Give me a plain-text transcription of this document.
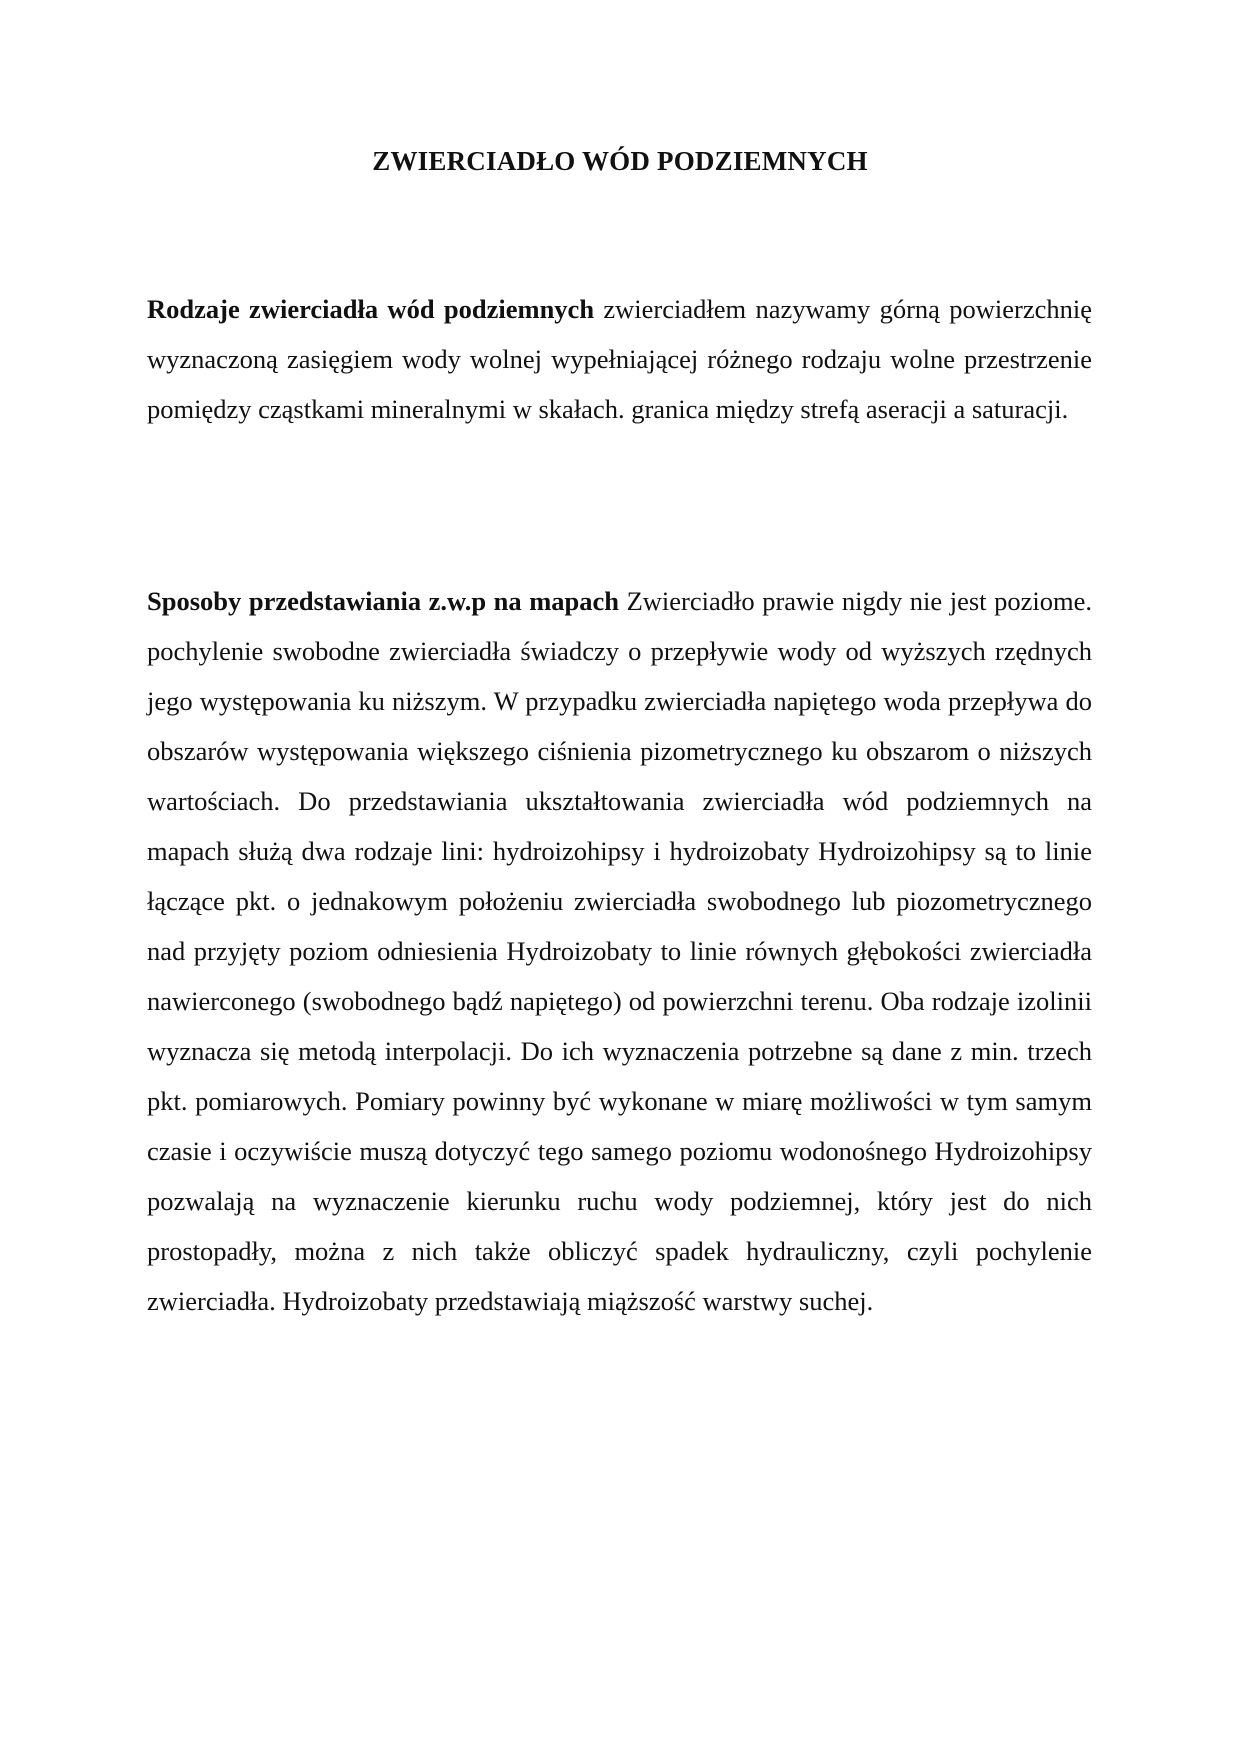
ZWIERCIADŁO WÓD PODZIEMNYCH

Rodzaje zwierciadła wód podziemnych zwierciadłem nazywamy górną powierzchnię wyznaczoną zasięgiem wody wolnej wypełniającej różnego rodzaju wolne przestrzenie pomiędzy cząstkami mineralnymi w skałach. granica między strefą aseracji a saturacji.

Sposoby przedstawiania z.w.p na mapach Zwierciadło prawie nigdy nie jest poziome. pochylenie swobodne zwierciadła świadczy o przepływie wody od wyższych rzędnych jego występowania ku niższym. W przypadku zwierciadła napiętego woda przepływa do obszarów występowania większego ciśnienia pizometrycznego ku obszarom o niższych wartościach. Do przedstawiania ukształtowania zwierciadła wód podziemnych na mapach służą dwa rodzaje lini: hydroizohipsy i hydroizobaty Hydroizohipsy są to linie łączące pkt. o jednakowym położeniu zwierciadła swobodnego lub piozometrycznego nad przyjęty poziom odniesienia Hydroizobaty to linie równych głębokości zwierciadła nawierconego (swobodnego bądź napiętego) od powierzchni terenu. Oba rodzaje izolinii wyznacza się metodą interpolacji. Do ich wyznaczenia potrzebne są dane z min. trzech pkt. pomiarowych. Pomiary powinny być wykonane w miarę możliwości w tym samym czasie i oczywiście muszą dotyczyć tego samego poziomu wodonośnego Hydroizohipsy pozwalają na wyznaczenie kierunku ruchu wody podziemnej, który jest do nich prostopadły, można z nich także obliczyć spadek hydrauliczny, czyli pochylenie zwierciadła. Hydroizobaty przedstawiają miąższość warstwy suchej.
